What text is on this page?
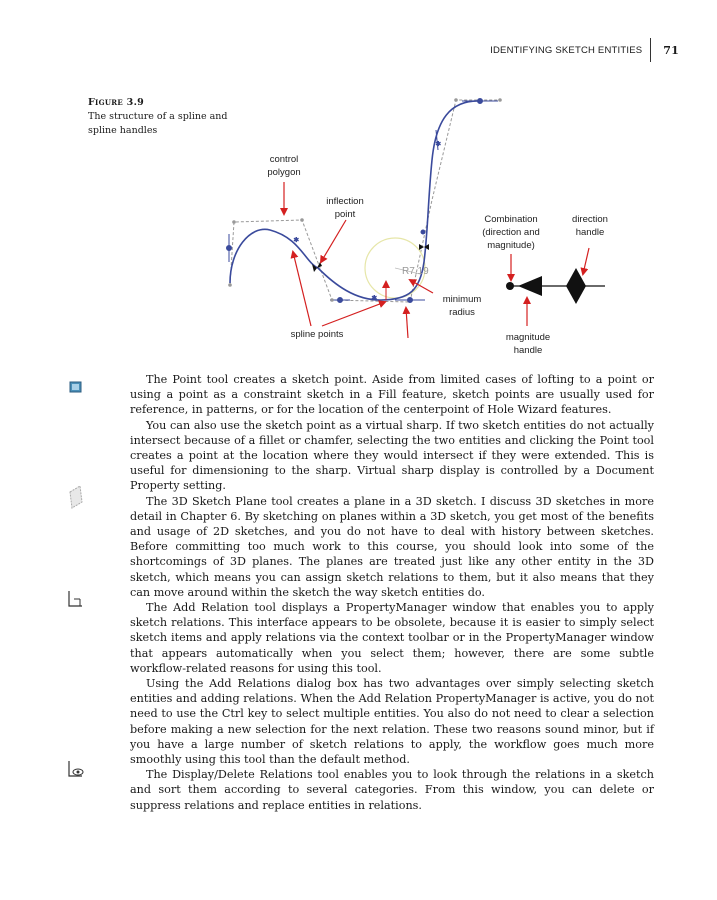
IDENTIFYING SKETCH ENTITIES	71
Figure 3.9
The structure of a spline and spline handles
*
*
*
R7.19
control
polygon
inflection
point	Combination
(direction and
magnitude)
direction
handle
minimum
radius
spline points	magnitude
handle

The Point tool creates a sketch point. Aside from limited cases of lofting to a point or using a point as a constraint sketch in a Fill feature, sketch points are usually used for reference, in patterns, or for the location of the centerpoint of Hole Wizard features.

You can also use the sketch point as a virtual sharp. If two sketch entities do not actually intersect because of a fillet or chamfer, selecting the two entities and clicking the Point tool creates a point at the location where they would intersect if they were extended. This is useful for dimensioning to the sharp. Virtual sharp display is controlled by a Document Property setting.

The 3D Sketch Plane tool creates a plane in a 3D sketch. I discuss 3D sketches in more detail in Chapter 6. By sketching on planes within a 3D sketch, you get most of the benefits and usage of 2D sketches, and you do not have to deal with history between sketches. Before committing too much work to this course, you should look into some of the shortcomings of 3D planes. The planes are treated just like any other entity in the 3D sketch, which means you can assign sketch relations to them, but it also means that they can move around within the sketch the way sketch entities do.

The Add Relation tool displays a PropertyManager window that enables you to apply sketch relations. This interface appears to be obsolete, because it is easier to simply select sketch items and apply relations via the context toolbar or in the PropertyManager window that appears automatically when you select them; however, there are some subtle workflow-related reasons for using this tool.

Using the Add Relations dialog box has two advantages over simply selecting sketch entities and adding relations. When the Add Relation PropertyManager is active, you do not need to use the Ctrl key to select multiple entities. You also do not need to clear a selection before making a new selection for the next relation. These two reasons sound minor, but if you have a large number of sketch relations to apply, the workflow goes much more smoothly using this tool than the default method.

The Display/Delete Relations tool enables you to look through the relations in a sketch and sort them according to several categories. From this window, you can delete or suppress relations and replace entities in relations.
